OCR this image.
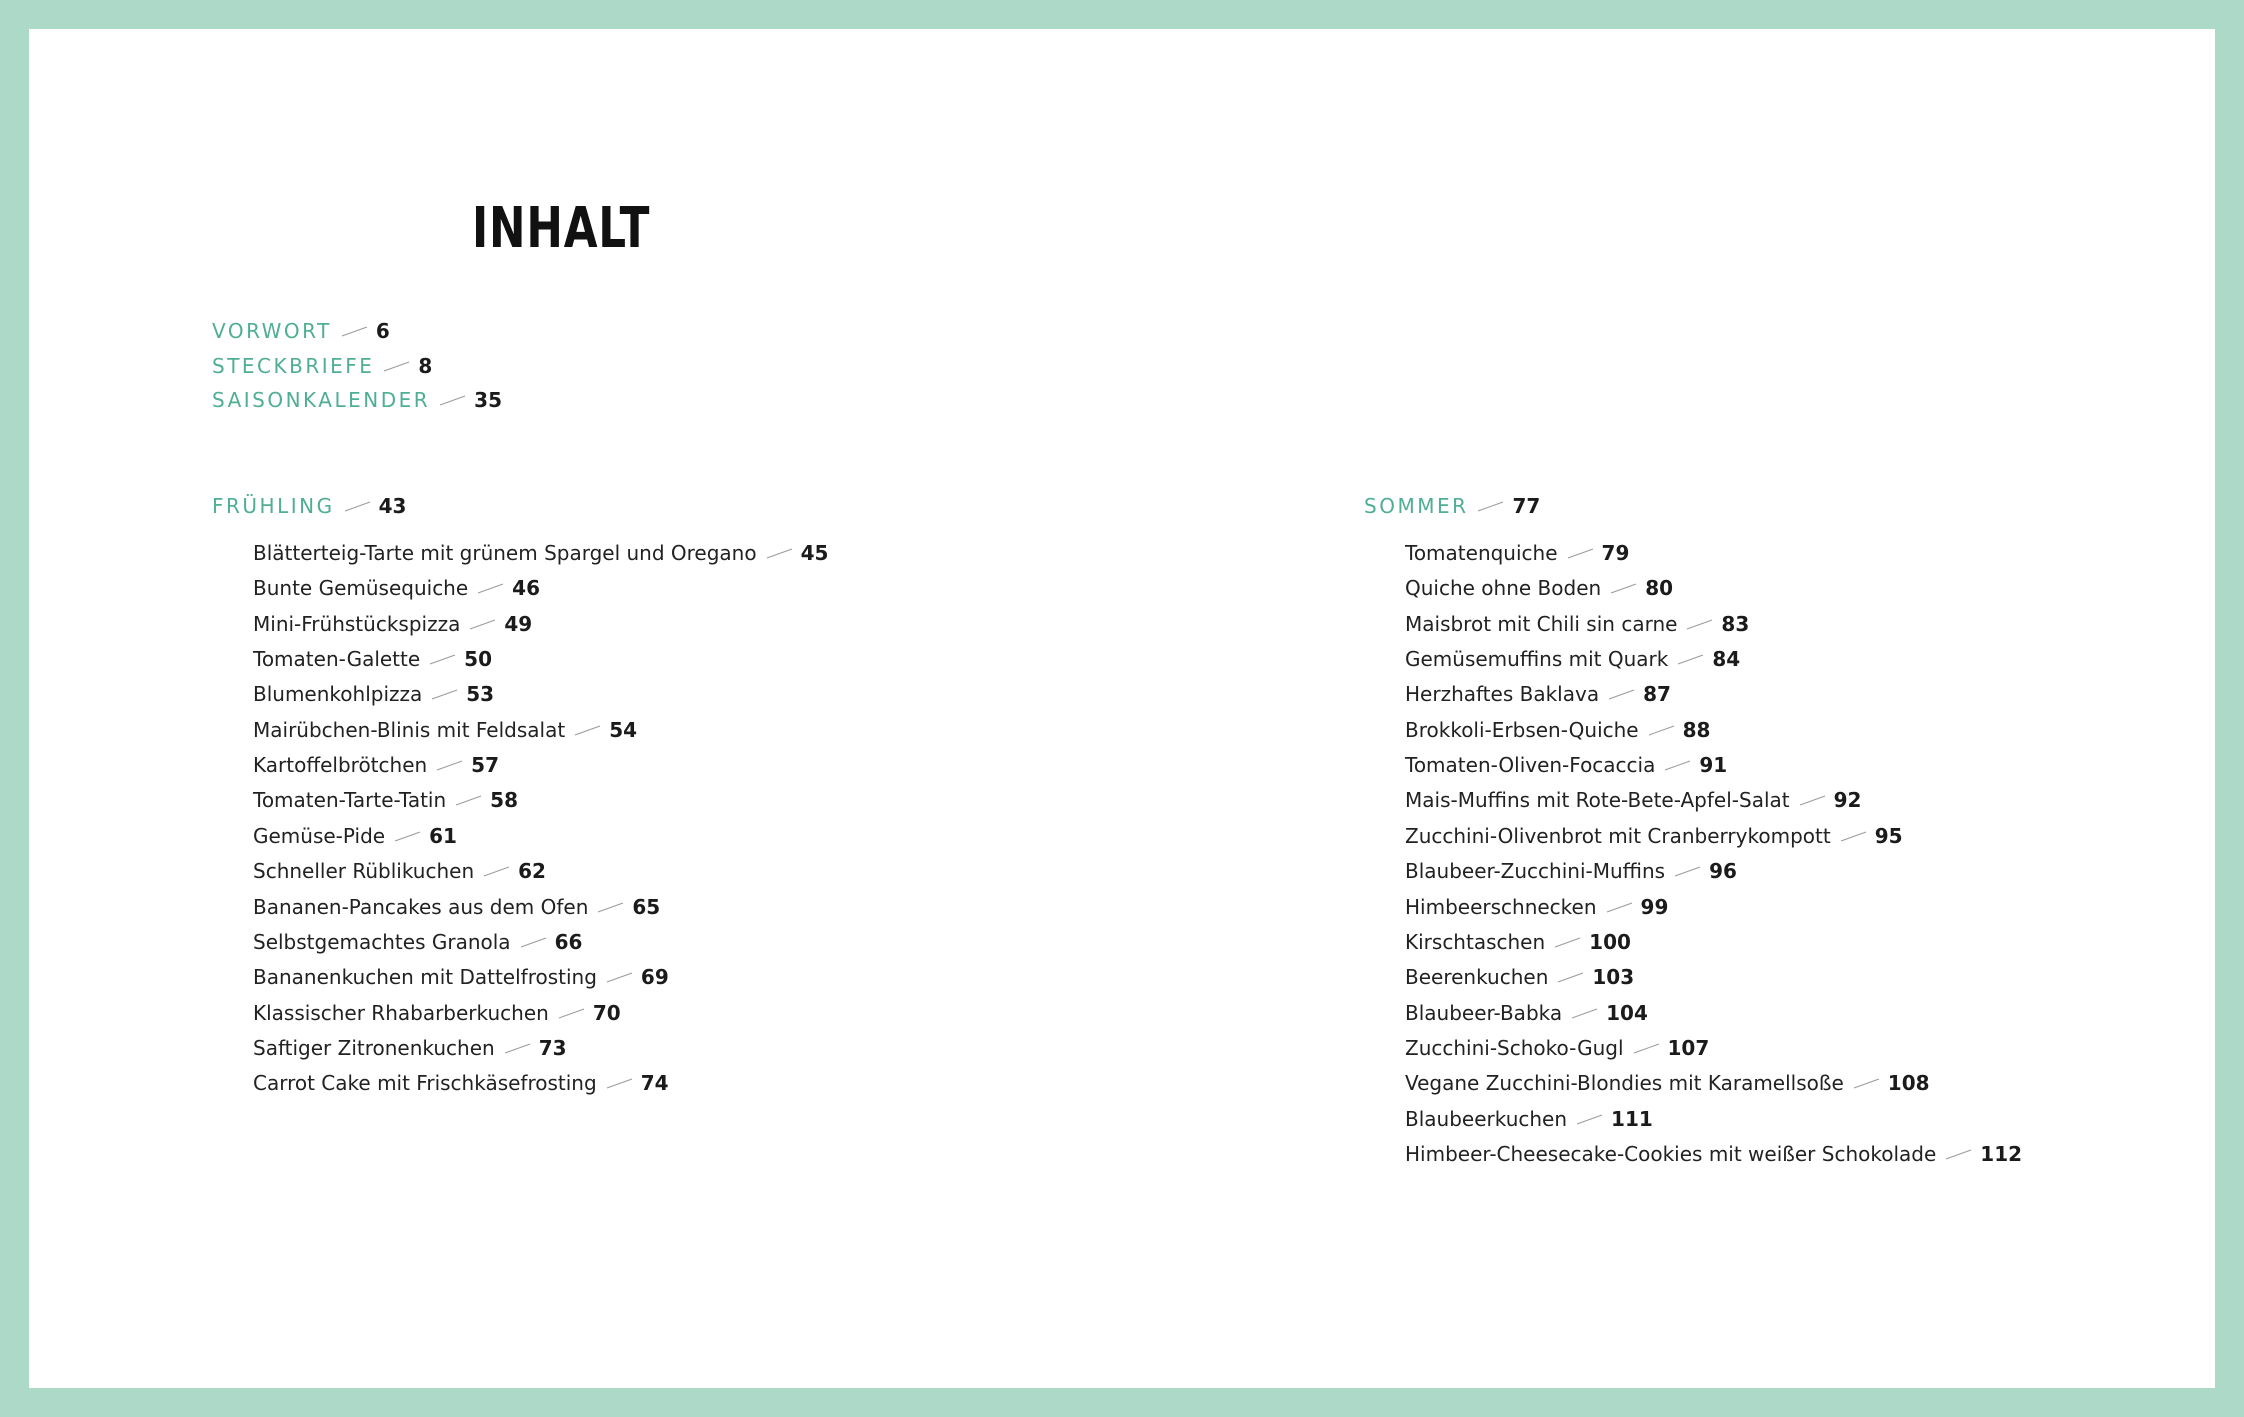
INHALT
VORWORT 6
STECKBRIEFE 8
SAISONKALENDER 35
FRÜHLING 43
Blätterteig-Tarte mit grünem Spargel und Oregano 45
Bunte Gemüsequiche 46
Mini-Frühstückspizza 49
Tomaten-Galette 50
Blumenkohlpizza 53
Mairübchen-Blinis mit Feldsalat 54
Kartoffelbrötchen 57
Tomaten-Tarte-Tatin 58
Gemüse-Pide 61
Schneller Rüblikuchen 62
Bananen-Pancakes aus dem Ofen 65
Selbstgemachtes Granola 66
Bananenkuchen mit Dattelfrosting 69
Klassischer Rhabarberkuchen 70
Saftiger Zitronenkuchen 73
Carrot Cake mit Frischkäsefrosting 74
SOMMER 77
Tomatenquiche 79
Quiche ohne Boden 80
Maisbrot mit Chili sin carne 83
Gemüsemuffins mit Quark 84
Herzhaftes Baklava 87
Brokkoli-Erbsen-Quiche 88
Tomaten-Oliven-Focaccia 91
Mais-Muffins mit Rote-Bete-Apfel-Salat 92
Zucchini-Olivenbrot mit Cranberrykompott 95
Blaubeer-Zucchini-Muffins 96
Himbeerschnecken 99
Kirschtaschen 100
Beerenkuchen 103
Blaubeer-Babka 104
Zucchini-Schoko-Gugl 107
Vegane Zucchini-Blondies mit Karamellsoße 108
Blaubeerkuchen 111
Himbeer-Cheesecake-Cookies mit weißer Schokolade 112
